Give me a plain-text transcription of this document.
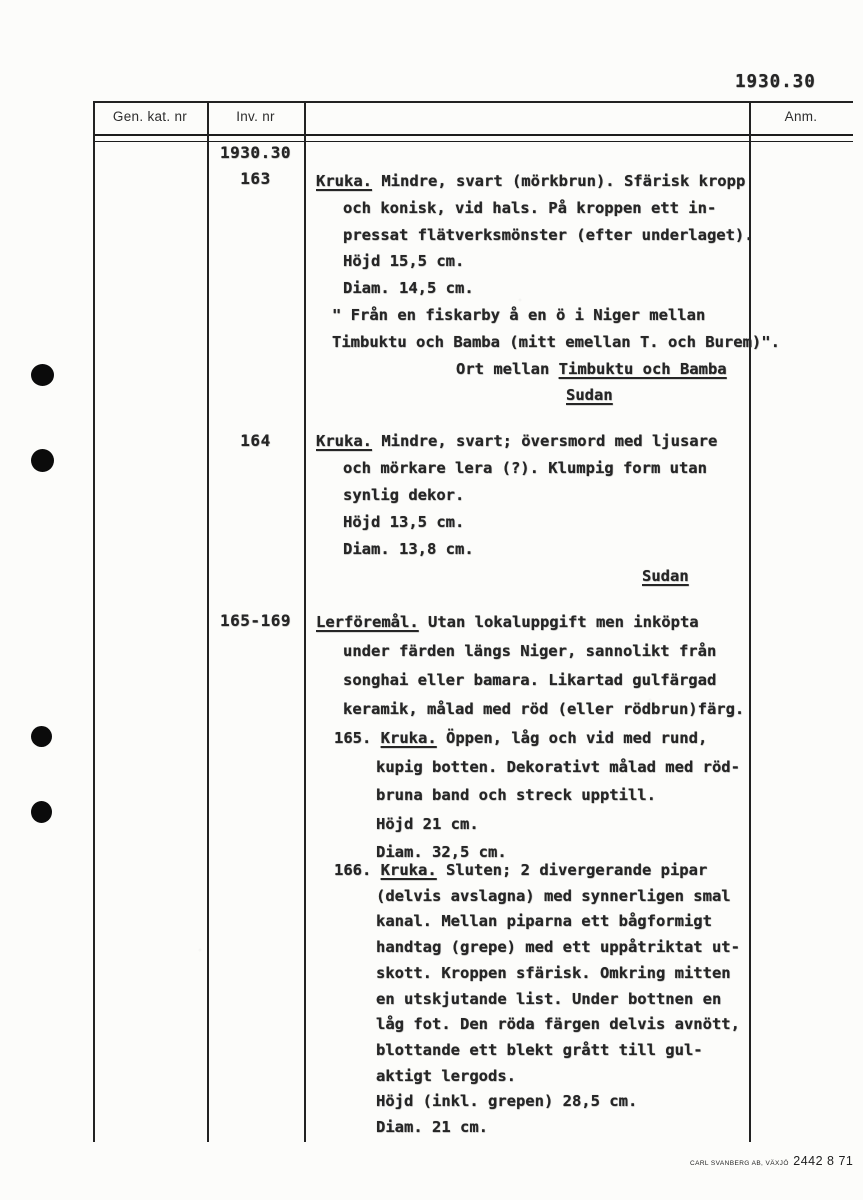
1930.30
Gen. kat. nr	Inv. nr	Anm.
1930.30
163
164
165-169
Kruka. Mindre, svart (mörkbrun). Sfärisk kropp
och konisk, vid hals. På kroppen ett in-
pressat flätverksmönster (efter underlaget).
Höjd 15,5 cm.
Diam. 14,5 cm.
" Från en fiskarby å en ö i Niger mellan
Timbuktu och Bamba (mitt emellan T. och Burem)".
Ort mellan Timbuktu och Bamba
Sudan
Kruka. Mindre, svart; översmord med ljusare
och mörkare lera (?). Klumpig form utan
synlig dekor.
Höjd 13,5 cm.
Diam. 13,8 cm.
Sudan
Lerföremål. Utan lokaluppgift men inköpta
under färden längs Niger, sannolikt från
songhai eller bamara. Likartad gulfärgad
keramik, målad med röd (eller rödbrun)färg.
165. Kruka. Öppen, låg och vid med rund,
kupig botten. Dekorativt målad med röd-
bruna band och streck upptill.
Höjd 21 cm.
Diam. 32,5 cm.
166. Kruka. Sluten; 2 divergerande pipar
(delvis avslagna) med synnerligen smal
kanal. Mellan piparna ett bågformigt
handtag (grepe) med ett uppåtriktat ut-
skott. Kroppen sfärisk. Omkring mitten
en utskjutande list. Under bottnen en
låg fot. Den röda färgen delvis avnött,
blottande ett blekt grått till gul-
aktigt lergods.
Höjd (inkl. grepen) 28,5 cm.
Diam. 21 cm.
CARL SVANBERG AB, VÄXJÖ 2442 8 71
